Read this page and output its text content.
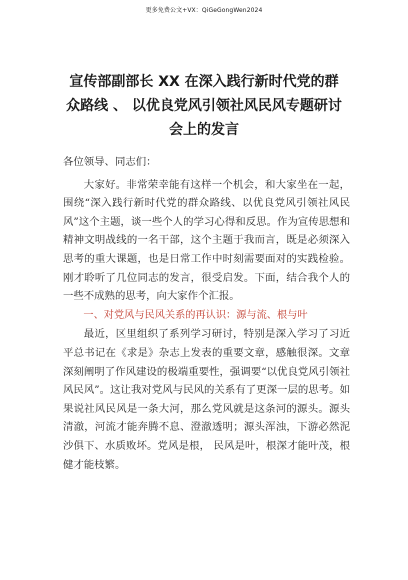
更多免费公文+VX：QiGeGongWen2024
宣传部副部长 XX 在深入践行新时代党的群
众路线 、 以优良党风引领社风民风专题研讨
会上的发言

各位领导、同志们：

大家好。非常荣幸能有这样一个机会，和大家坐在一起，围绕“深入践行新时代党的群众路线、以优良党风引领社风民风”这个主题，谈一些个人的学习心得和反思。作为宣传思想和精神文明战线的一名干部，这个主题于我而言，既是必须深入思考的重大课题，也是日常工作中时刻需要面对的实践检验。刚才聆听了几位同志的发言，很受启发。下面，结合我个人的一些不成熟的思考，向大家作个汇报。

一、对党风与民风关系的再认识：源与流、根与叶

最近，区里组织了系列学习研讨，特别是深入学习了习近平总书记在《求是》杂志上发表的重要文章，感触很深。文章深刻阐明了作风建设的极端重要性，强调要“以优良党风引领社风民风”。这让我对党风与民风的关系有了更深一层的思考。如果说社风民风是一条大河，那么党风就是这条河的源头。源头清澈，河流才能奔腾不息、澄澈透明；源头浑浊，下游必然泥沙俱下、水质败坏。党风是根， 民风是叶，根深才能叶茂，根健才能枝繁。
